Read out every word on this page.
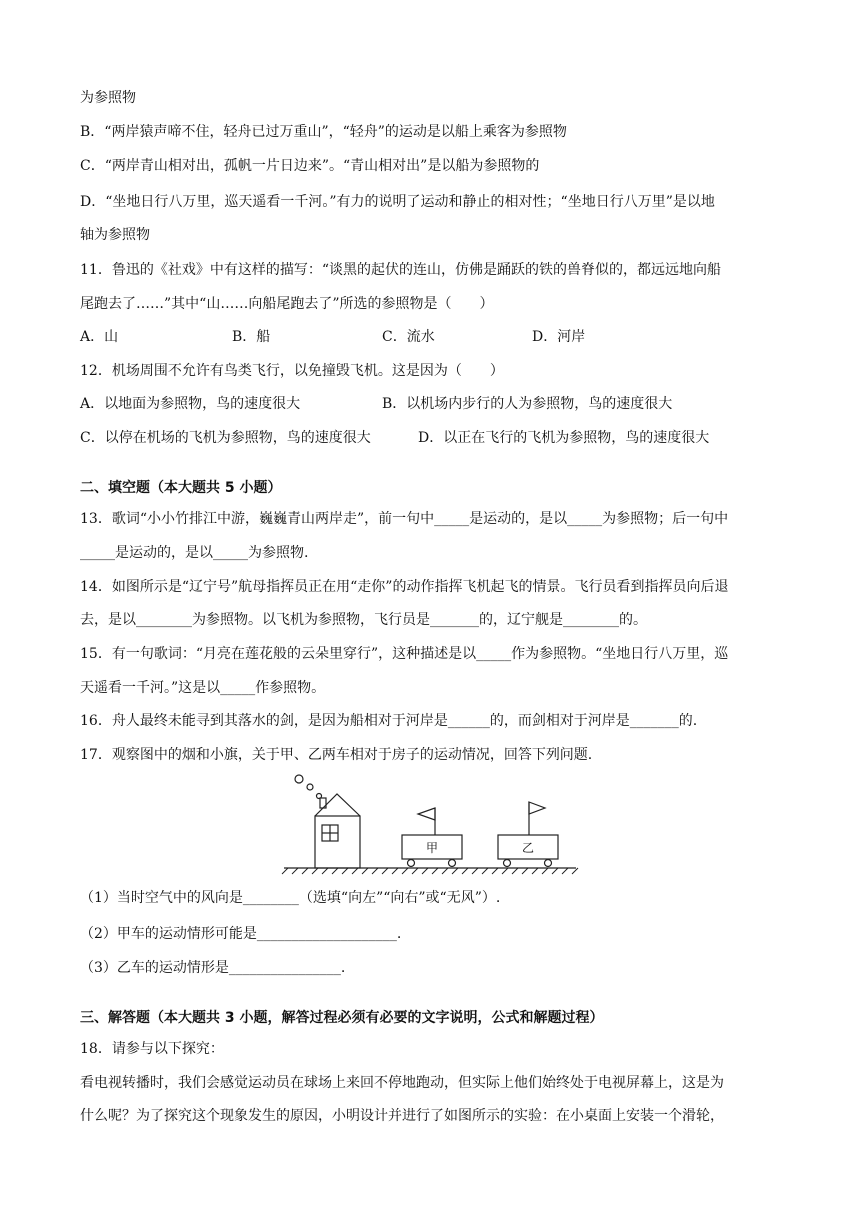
为参照物
B．“两岸猿声啼不住，轻舟已过万重山”，“轻舟”的运动是以船上乘客为参照物
C．“两岸青山相对出，孤帆一片日边来”。“青山相对出”是以船为参照物的
D．“坐地日行八万里，巡天遥看一千河。”有力的说明了运动和静止的相对性；“坐地日行八万里”是以地
轴为参照物
11．鲁迅的《社戏》中有这样的描写：“谈黑的起伏的连山，仿佛是踊跃的铁的兽脊似的，都远远地向船
尾跑去了……”其中“山……向船尾跑去了”所选的参照物是（　　）
A．山	B．船	C．流水	D．河岸
12．机场周围不允许有鸟类飞行，以免撞毁飞机。这是因为（　　）
A．以地面为参照物，鸟的速度很大	B．以机场内步行的人为参照物，鸟的速度很大
C．以停在机场的飞机为参照物，鸟的速度很大	D．以正在飞行的飞机为参照物，鸟的速度很大
二、填空题（本大题共 5 小题）
13．歌词“小小竹排江中游，巍巍青山两岸走”，前一句中_____是运动的，是以_____为参照物；后一句中
_____是运动的，是以_____为参照物.
14．如图所示是“辽宁号”航母指挥员正在用“走你”的动作指挥飞机起飞的情景。飞行员看到指挥员向后退
去，是以________为参照物。以飞机为参照物，飞行员是_______的，辽宁舰是________的。
15．有一句歌词：“月亮在莲花般的云朵里穿行”，这种描述是以_____作为参照物。“坐地日行八万里，巡
天遥看一千河。”这是以_____作参照物。
16．舟人最终未能寻到其落水的剑，是因为船相对于河岸是______的，而剑相对于河岸是_______的.
17．观察图中的烟和小旗，关于甲、乙两车相对于房子的运动情况，回答下列问题.
甲	乙
（1）当时空气中的风向是________（选填“向左”“向右”或“无风”）.
（2）甲车的运动情形可能是____________________.
（3）乙车的运动情形是________________.
三、解答题（本大题共 3 小题，解答过程必须有必要的文字说明，公式和解题过程）
18．请参与以下探究：
看电视转播时，我们会感觉运动员在球场上来回不停地跑动，但实际上他们始终处于电视屏幕上，这是为
什么呢？为了探究这个现象发生的原因，小明设计并进行了如图所示的实验：在小桌面上安装一个滑轮，
